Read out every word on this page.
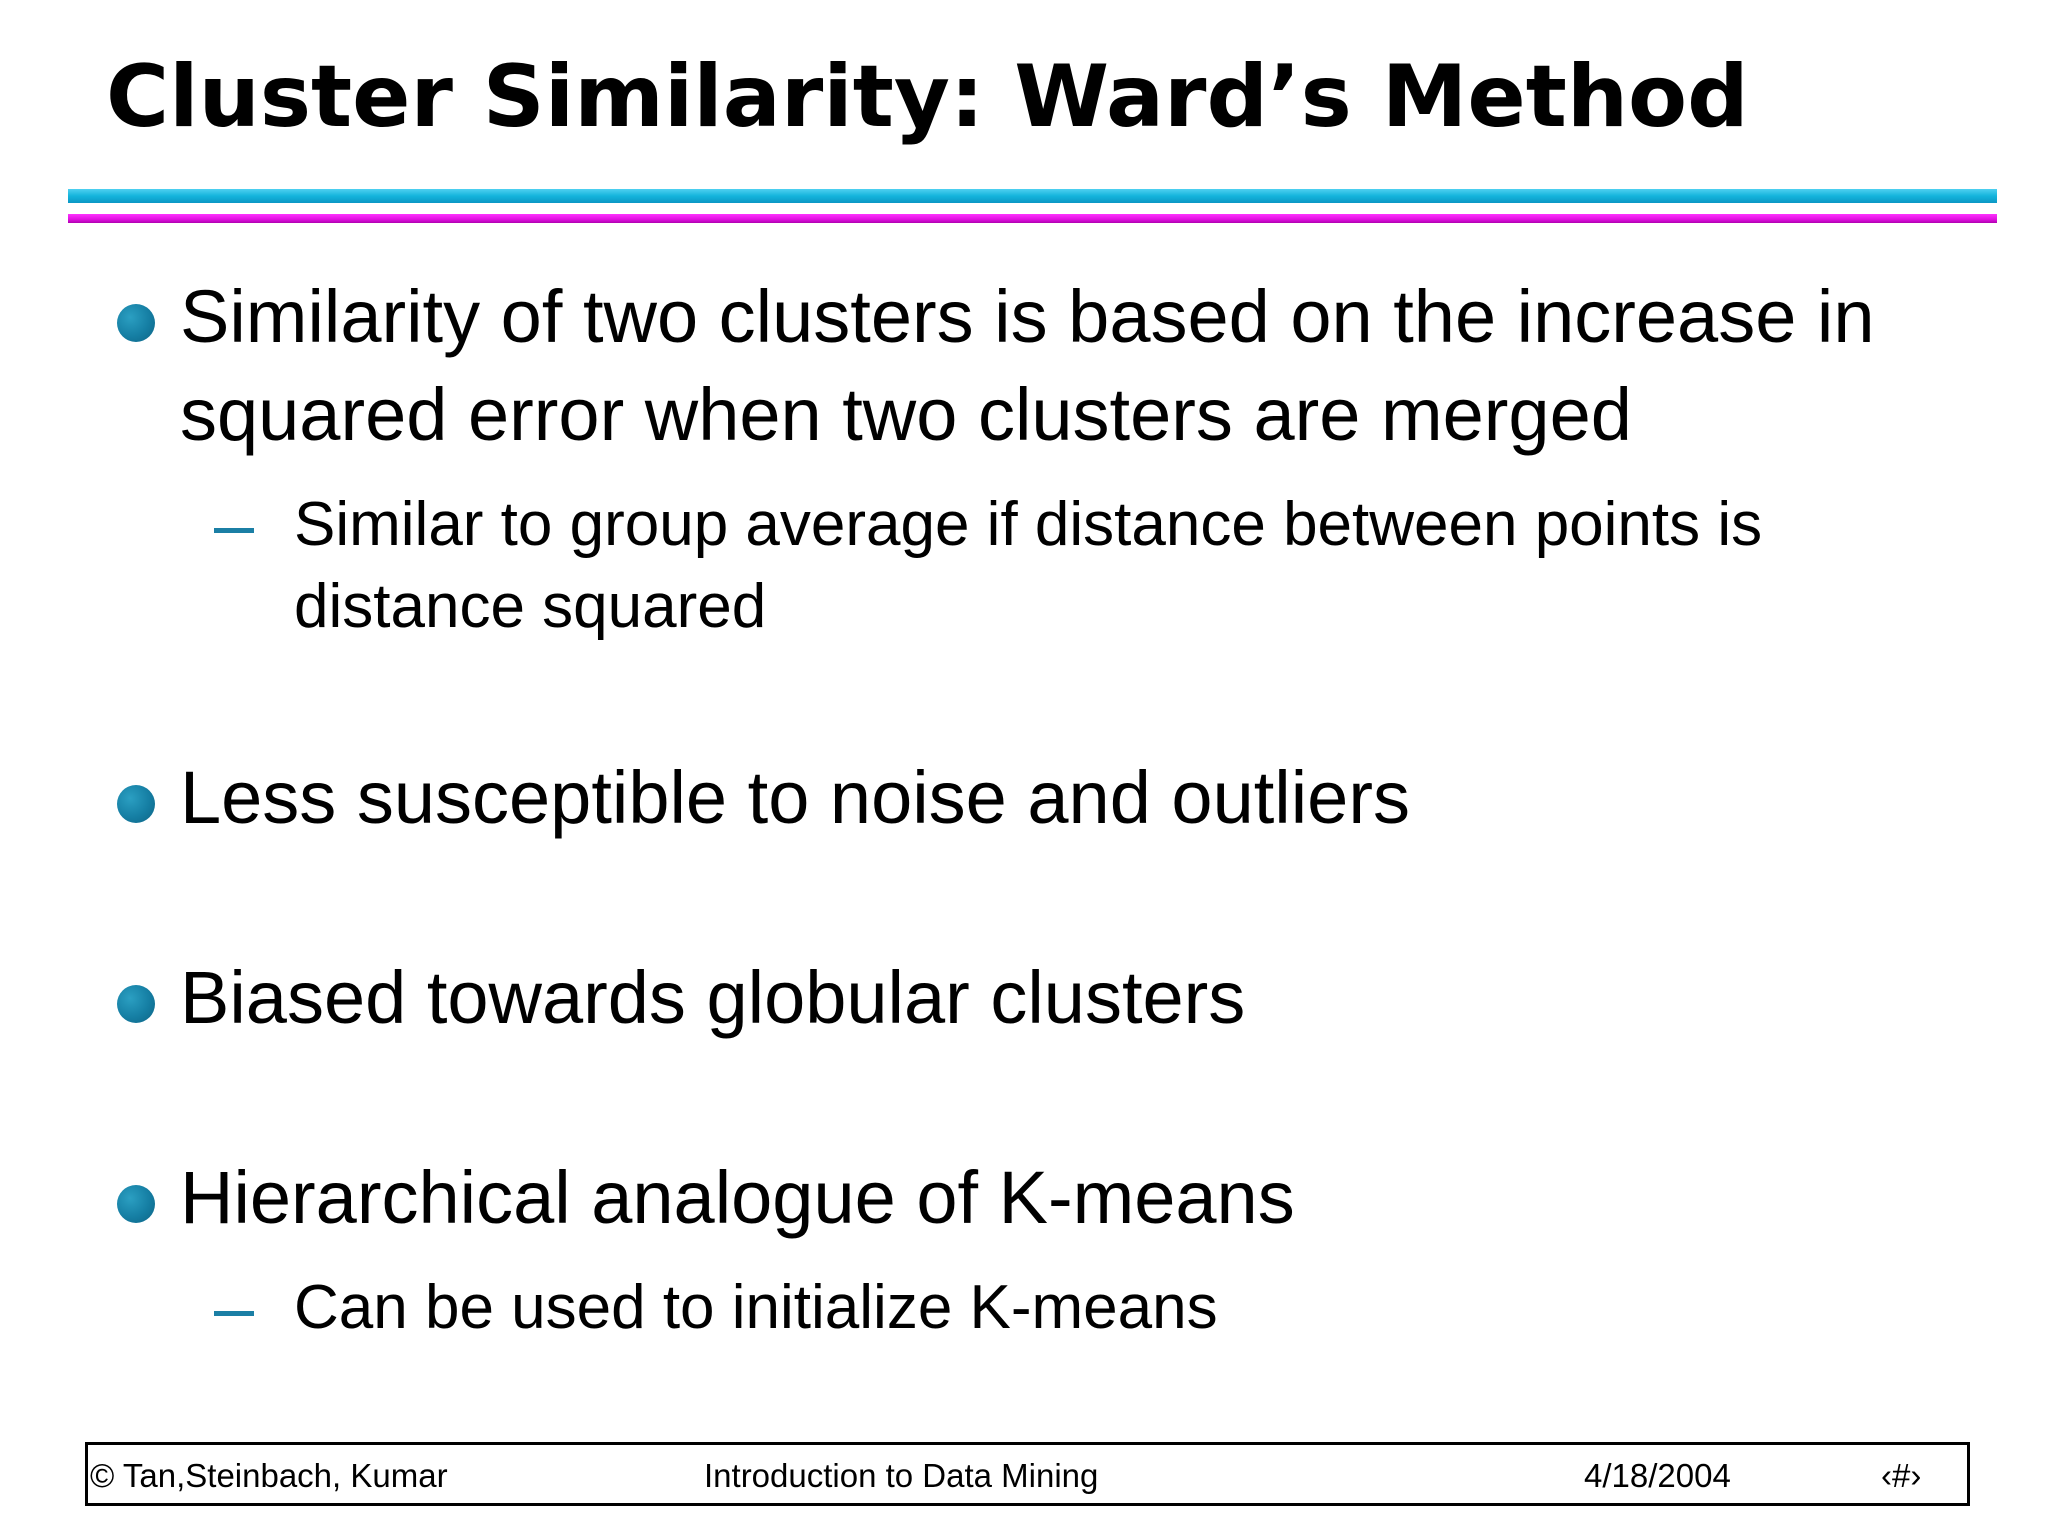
Cluster Similarity: Ward’s Method

Similarity of two clusters is based on the increase in squared error when two clusters are merged

Similar to group average if distance between points is distance squared

Less susceptible to noise and outliers

Biased towards globular clusters

Hierarchical analogue of K-means

Can be used to initialize K-means

© Tan,Steinbach, Kumar	Introduction to Data Mining	4/18/2004	‹#›
